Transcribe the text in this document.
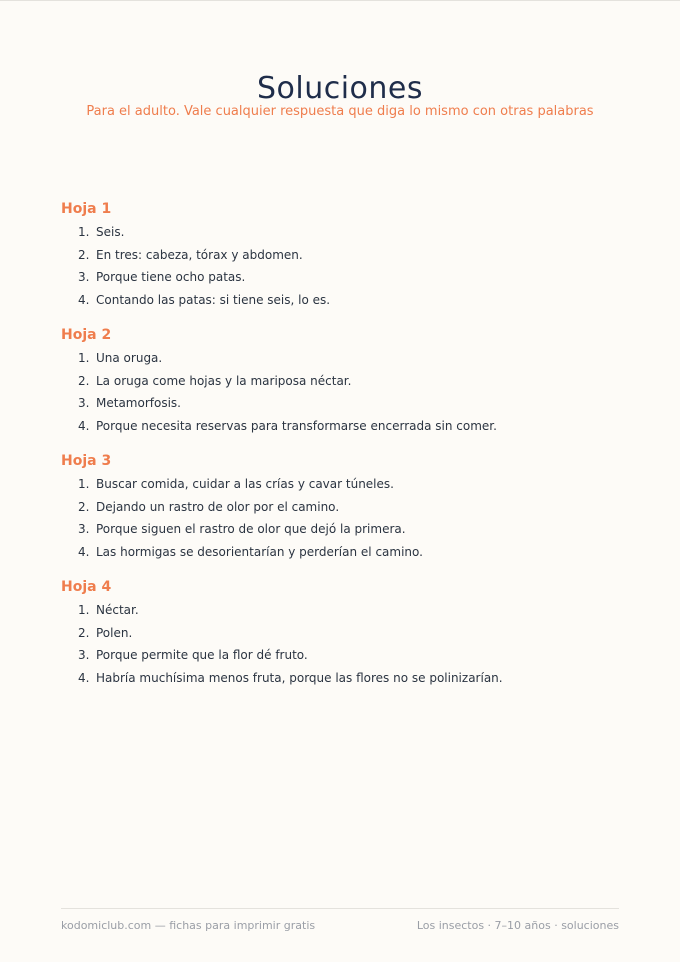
Soluciones
Para el adulto. Vale cualquier respuesta que diga lo mismo con otras palabras
Hoja 1
1. Seis.
2. En tres: cabeza, tórax y abdomen.
3. Porque tiene ocho patas.
4. Contando las patas: si tiene seis, lo es.
Hoja 2
1. Una oruga.
2. La oruga come hojas y la mariposa néctar.
3. Metamorfosis.
4. Porque necesita reservas para transformarse encerrada sin comer.
Hoja 3
1. Buscar comida, cuidar a las crías y cavar túneles.
2. Dejando un rastro de olor por el camino.
3. Porque siguen el rastro de olor que dejó la primera.
4. Las hormigas se desorientarían y perderían el camino.
Hoja 4
1. Néctar.
2. Polen.
3. Porque permite que la flor dé fruto.
4. Habría muchísima menos fruta, porque las flores no se polinizarían.
kodomiclub.com — fichas para imprimir gratis	Los insectos · 7–10 años · soluciones
